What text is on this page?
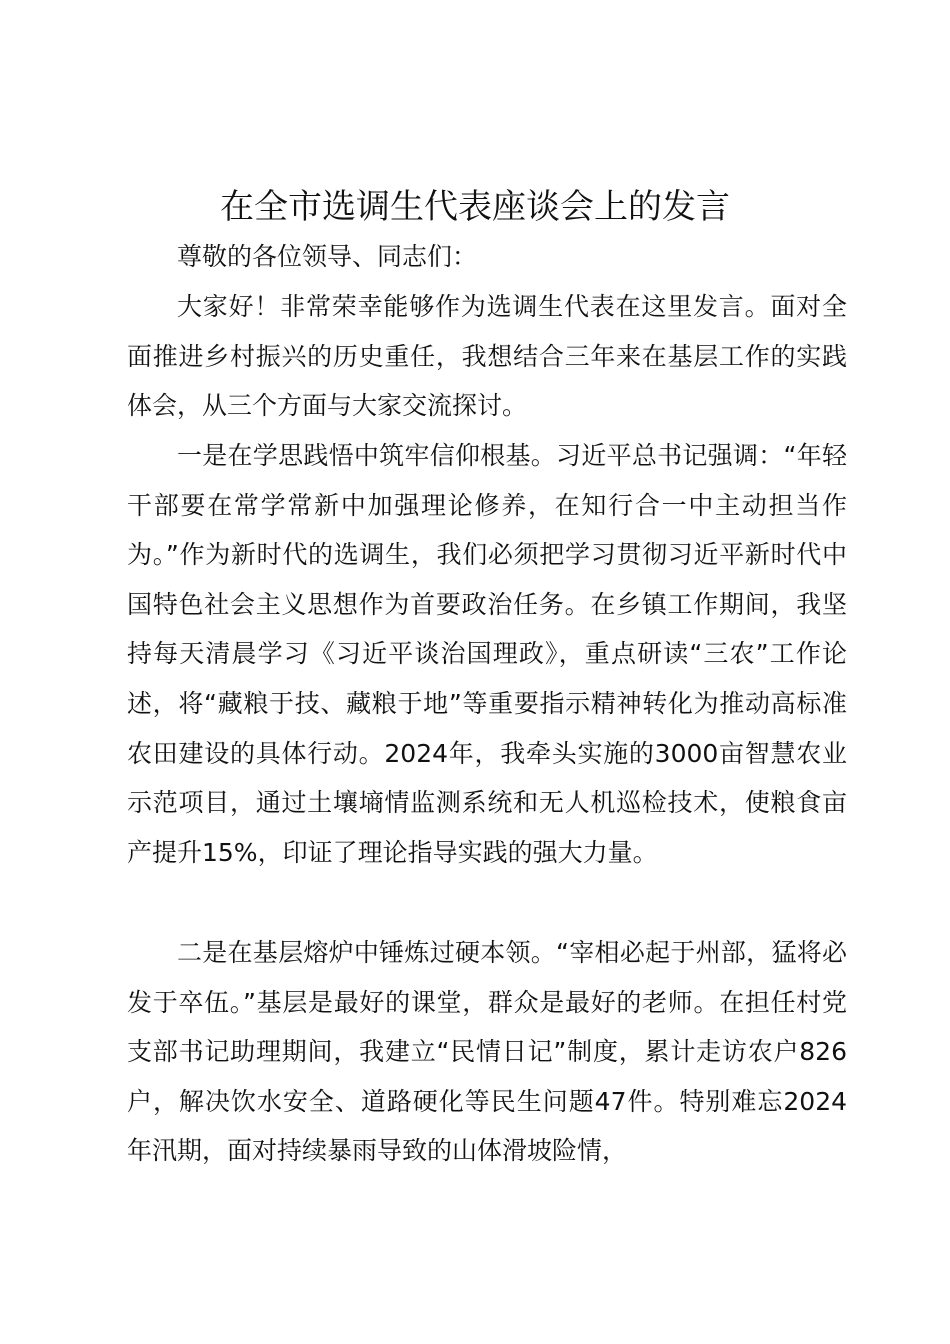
在全市选调生代表座谈会上的发言
尊敬的各位领导、同志们：
大家好！非常荣幸能够作为选调生代表在这里发言。面对全面推进乡村振兴的历史重任，我想结合三年来在基层工作的实践体会，从三个方面与大家交流探讨。
一是在学思践悟中筑牢信仰根基。习近平总书记强调：“年轻干部要在常学常新中加强理论修养，在知行合一中主动担当作为。”作为新时代的选调生，我们必须把学习贯彻习近平新时代中国特色社会主义思想作为首要政治任务。在乡镇工作期间，我坚持每天清晨学习《习近平谈治国理政》，重点研读“三农”工作论述，将“藏粮于技、藏粮于地”等重要指示精神转化为推动高标准农田建设的具体行动。2024年，我牵头实施的3000亩智慧农业示范项目，通过土壤墒情监测系统和无人机巡检技术，使粮食亩产提升15%，印证了理论指导实践的强大力量。
二是在基层熔炉中锤炼过硬本领。“宰相必起于州部，猛将必发于卒伍。”基层是最好的课堂，群众是最好的老师。在担任村党支部书记助理期间，我建立“民情日记”制度，累计走访农户826户，解决饮水安全、道路硬化等民生问题47件。特别难忘2024年汛期，面对持续暴雨导致的山体滑坡险情，
